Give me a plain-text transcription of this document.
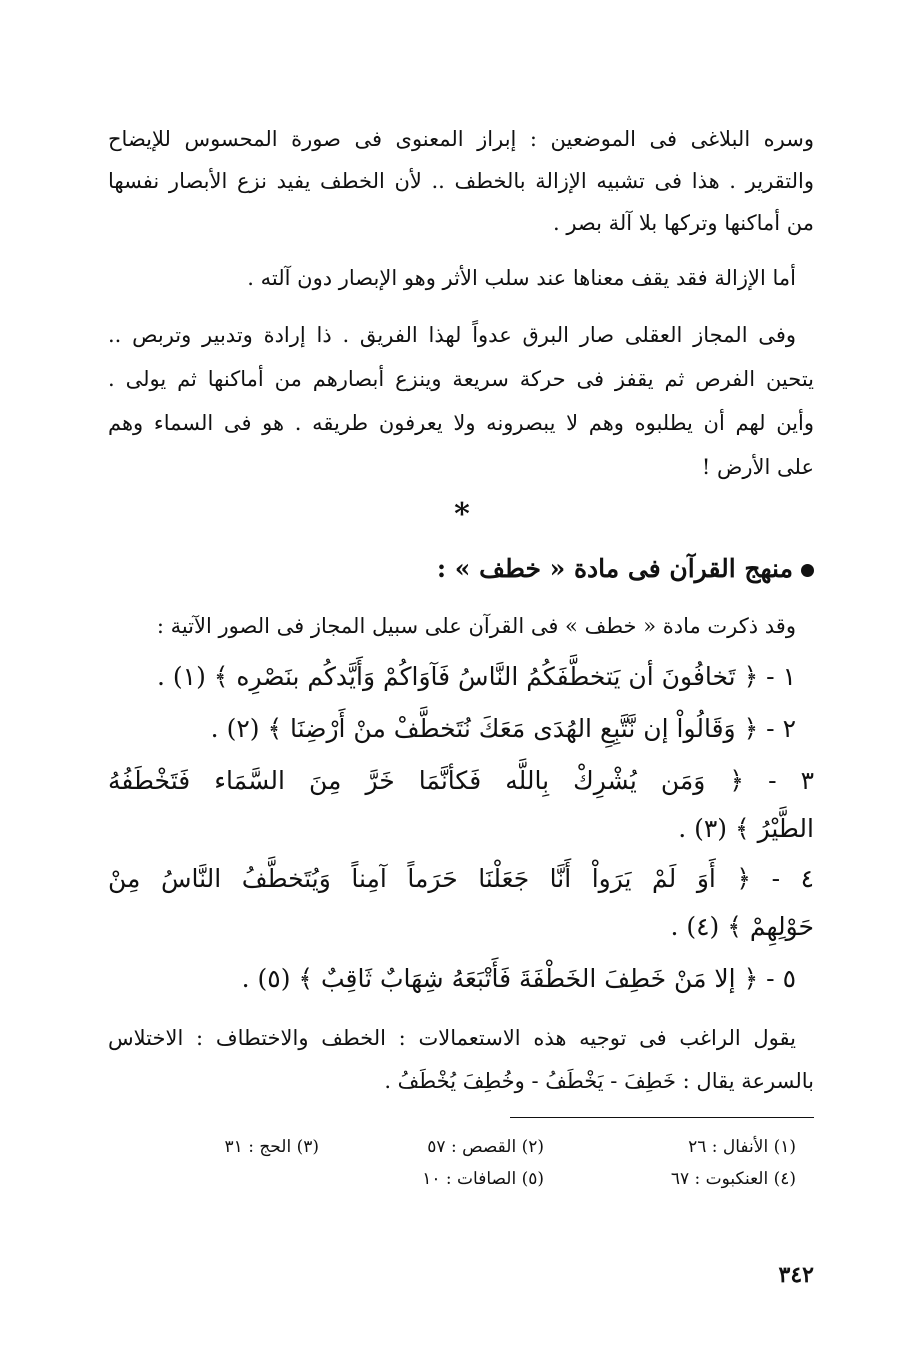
وسره البلاغى فى الموضعين : إبراز المعنوى فى صورة المحسوس للإيضاح
والتقرير . هذا فى تشبيه الإزالة بالخطف .. لأن الخطف يفيد نزع الأبصار نفسها
من أماكنها وتركها بلا آلة بصر .
أما الإزالة فقد يقف معناها عند سلب الأثر وهو الإبصار دون آلته .
وفى المجاز العقلى صار البرق عدواً لهذا الفريق . ذا إرادة وتدبير وتربص ..
يتحين الفرص ثم يقفز فى حركة سريعة وينزع أبصارهم من أماكنها ثم يولى .
وأين لهم أن يطلبوه وهم لا يبصرونه ولا يعرفون طريقه . هو فى السماء وهم
على الأرض !
*
منهج القرآن فى مادة « خطف » :
وقد ذكرت مادة « خطف » فى القرآن على سبيل المجاز فى الصور الآتية :
١ - ﴿ تَخافُونَ أن يَتخطَّفَكُمُ النَّاسُ فَآوَاكُمْ وَأَيَّدكُم بنَصْرِه ﴾ (١) .
٢ - ﴿ وَقَالُواْ إن نَّتَّبِعِ الهُدَى مَعَكَ نُتَخطَّفْ منْ أَرْضِنَا ﴾ (٢) .
٣ - ﴿ وَمَن يُشْرِكْ بِاللَّه فَكأنَّمَا خَرَّ مِنَ السَّمَاء فَتَخْطَفُهُ
الطَّيْرُ ﴾ (٣) .
٤ - ﴿ أَوَ لَمْ يَرَواْ أَنَّا جَعَلْنَا حَرَماً آمِناً وَيُتَخطَّفُ النَّاسُ مِنْ
حَوْلِهِمْ ﴾ (٤) .
٥ - ﴿ إلا مَنْ خَطِفَ الخَطْفَةَ فَأَتْبَعَهُ شِهَابٌ ثَاقِبٌ ﴾ (٥) .
يقول الراغب فى توجيه هذه الاستعمالات : الخطف والاختطاف : الاختلاس
بالسرعة يقال : خَطِفَ - يَخْطَفُ - وخُطِفَ يُخْطَفُ .
(١) الأنفال : ٢٦
(٢) القصص : ٥٧
(٣) الحج : ٣١
(٤) العنكبوت : ٦٧
(٥) الصافات : ١٠
٣٤٢
